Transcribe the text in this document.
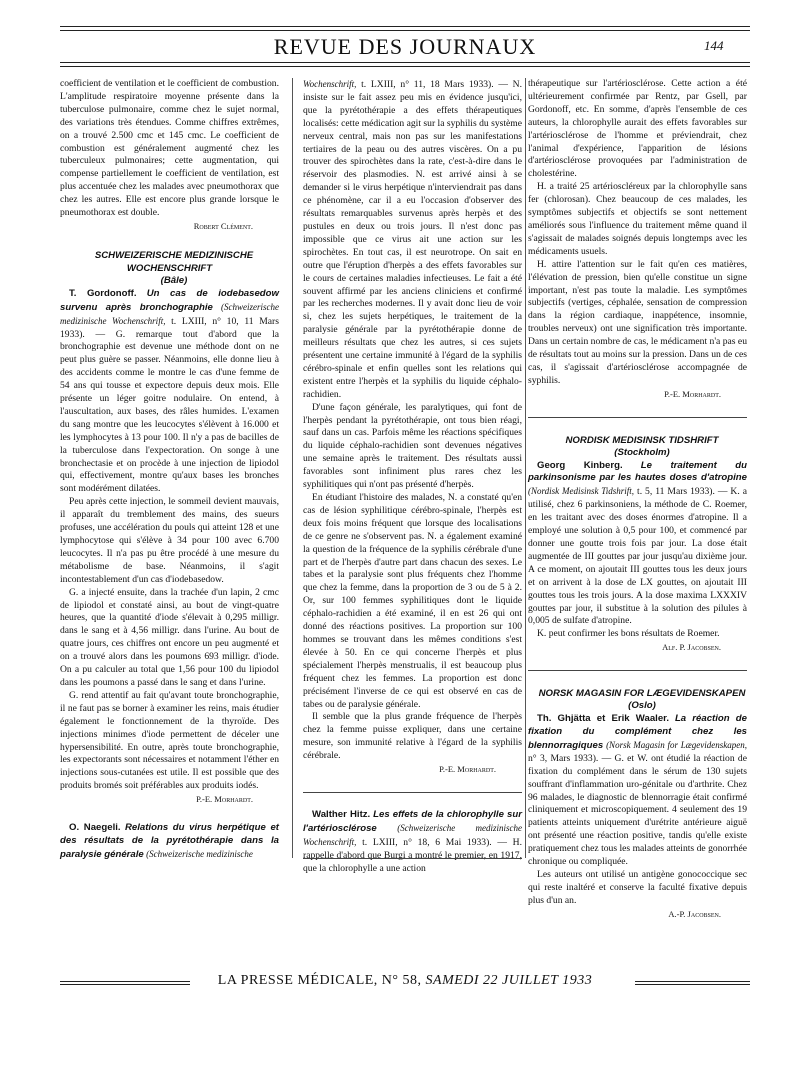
REVUE DES JOURNAUX	144

coefficient de ventilation et le coefficient de combustion. L'amplitude respiratoire moyenne présente dans la tuberculose pulmonaire, comme chez le sujet normal, des variations très étendues. Comme chiffres extrêmes, on a trouvé 2.500 cmc et 145 cmc. Le coefficient de combustion est généralement augmenté chez les tuberculeux pulmonaires; cette augmentation, qui compense partiellement le coefficient de ventilation, est plus accentuée chez les malades avec pneumothorax que chez les autres. Elle est encore plus grande lorsque le pneumothorax est double.

Robert Clément.

SCHWEIZERISCHE MEDIZINISCHE WOCHENSCHRIFT

(Bâle)

T. Gordonoff. Un cas de iodebasedow survenu après bronchographie (Schweizerische medizinische Wochenschrift, t. LXIII, n° 10, 11 Mars 1933). — G. remarque tout d'abord que la bronchographie est devenue une méthode dont on ne peut plus guère se passer. Néanmoins, elle donne lieu à des accidents comme le montre le cas d'une femme de 54 ans qui tousse et expectore depuis deux mois. Elle présente un léger goitre nodulaire. On entend, à l'auscultation, aux bases, des râles humides. L'examen du sang montre que les leucocytes s'élèvent à 16.000 et les lymphocytes à 13 pour 100. Il n'y a pas de bacilles de la tuberculose dans l'expectoration. On songe à une bronchectasie et on procède à une injection de lipiodol qui, effectivement, montre qu'aux bases les bronches sont modérément dilatées.

Peu après cette injection, le sommeil devient mauvais, il apparaît du tremblement des mains, des sueurs profuses, une accélération du pouls qui atteint 128 et une lymphocytose qui s'élève à 34 pour 100 avec 6.700 leucocytes. Il n'a pas pu être procédé à une mesure du métabolisme de base. Néanmoins, il s'agit incontestablement d'un cas d'iodebasedow.

G. a injecté ensuite, dans la trachée d'un lapin, 2 cmc de lipiodol et constaté ainsi, au bout de vingt-quatre heures, que la quantité d'iode s'élevait à 0,295 milligr. dans le sang et à 4,56 milligr. dans l'urine. Au bout de quatre jours, ces chiffres ont encore un peu augmenté et on a trouvé alors dans les poumons 693 milligr. d'iode. On a pu calculer au total que 1,56 pour 100 du lipiodol dans les poumons a passé dans le sang et dans l'urine.

G. rend attentif au fait qu'avant toute bronchographie, il ne faut pas se borner à examiner les reins, mais étudier également le fonctionnement de la thyroïde. Des injections minimes d'iode permettent de déceler une hypersensibilité. En outre, après toute bronchographie, les expectorants sont nécessaires et notamment l'éther en injections sous-cutanées est utile. Il est possible que des produits bromés soit préférables aux produits iodés.

P.-E. Morhardt.

O. Naegeli. Relations du virus herpétique et des résultats de la pyrétothérapie dans la paralysie générale (Schweizerische medizinische

Wochenschrift, t. LXIII, n° 11, 18 Mars 1933). — N. insiste sur le fait assez peu mis en évidence jusqu'ici, que la pyrétothérapie a des effets thérapeutiques localisés: cette médication agit sur la syphilis du système nerveux central, mais non pas sur les manifestations tertiaires de la peau ou des autres viscères. On a pu trouver des spirochètes dans la rate, c'est-à-dire dans le réservoir des plasmodies. N. est arrivé ainsi à se demander si le virus herpétique n'interviendrait pas dans ce phénomène, car il a eu l'occasion d'observer des résultats remarquables survenus après herpès et des pustules en deux ou trois jours. Il n'est donc pas impossible que ce virus ait une action sur les spirochètes. En tout cas, il est neurotrope. On sait en outre que l'éruption d'herpès a des effets favorables sur le cours de certaines maladies infectieuses. Le fait a été souvent affirmé par les anciens cliniciens et confirmé par les recherches modernes. Il y avait donc lieu de voir si, chez les sujets herpétiques, le traitement de la paralysie générale par la pyrétothérapie donne de meilleurs résultats que chez les autres, si ces sujets présentent une certaine immunité à l'égard de la syphilis cérébro-spinale et enfin quelles sont les relations qui existent entre l'herpès et la syphilis du liquide céphalo-rachidien.

D'une façon générale, les paralytiques, qui font de l'herpès pendant la pyrétothérapie, ont tous bien réagi, sauf dans un cas. Parfois même les réactions spécifiques du liquide céphalo-rachidien sont devenues négatives une semaine après le traitement. Des résultats aussi favorables sont infiniment plus rares chez les syphilitiques qui n'ont pas présenté d'herpès.

En étudiant l'histoire des malades, N. a constaté qu'en cas de lésion syphilitique cérébro-spinale, l'herpès est deux fois moins fréquent que lorsque des localisations de ce genre ne s'observent pas. N. a également examiné la question de la fréquence de la syphilis cérébrale d'une part et de l'herpès d'autre part dans chacun des sexes. Le tabes et la paralysie sont plus fréquents chez l'homme que chez la femme, dans la proportion de 3 ou de 5 à 2. Or, sur 100 femmes syphilitiques dont le liquide céphalo-rachidien a été examiné, il en est 26 qui ont donné des réactions positives. La proportion sur 100 hommes se trouvant dans les mêmes conditions s'est élevée à 50. En ce qui concerne l'herpès et plus spécialement l'herpès menstrualis, il est beaucoup plus fréquent chez les femmes. La proportion est donc précisément l'inverse de ce qui est observé en cas de tabes ou de paralysie générale.

Il semble que la plus grande fréquence de l'herpès chez la femme puisse expliquer, dans une certaine mesure, son immunité relative à l'égard de la syphilis cérébrale.

P.-E. Morhardt.

Walther Hitz. Les effets de la chlorophylle sur l'artériosclérose (Schweizerische medizinische Wochenschrift, t. LXIII, n° 18, 6 Mai 1933). — H. rappelle d'abord que Burgi a montré le premier, en 1917, que la chlorophylle a une action

thérapeutique sur l'artériosclérose. Cette action a été ultérieurement confirmée par Rentz, par Gsell, par Gordonoff, etc. En somme, d'après l'ensemble de ces auteurs, la chlorophylle aurait des effets favorables sur l'artériosclérose de l'homme et préviendrait, chez l'animal d'expérience, l'apparition de lésions d'artériosclérose provoquées par l'administration de cholestérine.

H. a traité 25 artérioscléreux par la chlorophylle sans fer (chlorosan). Chez beaucoup de ces malades, les symptômes subjectifs et objectifs se sont nettement améliorés sous l'influence du traitement même quand il s'agissait de malades soignés depuis longtemps avec les médicaments usuels.

H. attire l'attention sur le fait qu'en ces matières, l'élévation de pression, bien qu'elle constitue un signe important, n'est pas toute la maladie. Les symptômes subjectifs (vertiges, céphalée, sensation de compression dans la région cardiaque, inappétence, insomnie, troubles nerveux) ont une signification très importante. Dans un certain nombre de cas, le médicament n'a pas eu de résultats tout au moins sur la pression. Dans un de ces cas, il s'agissait d'artériosclérose accompagnée de syphilis.

P.-E. Morhardt.

NORDISK MEDISINSK TIDSHRIFT

(Stockholm)

Georg Kinberg. Le traitement du parkinsonisme par les hautes doses d'atropine (Nordisk Medisinsk Tidshrift, t. 5, 11 Mars 1933). — K. a utilisé, chez 6 parkinsoniens, la méthode de C. Roemer, en les traitant avec des doses énormes d'atropine. Il a employé une solution à 0,5 pour 100, et commencé par donner une goutte trois fois par jour. La dose était augmentée de III gouttes par jour jusqu'au dixième jour. A ce moment, on ajoutait III gouttes tous les deux jours et on arrivent à la dose de LX gouttes, on ajoutait III gouttes tous les trois jours. A la dose maxima LXXXIV gouttes par jour, il substitue à la solution des pilules à 0,005 de sulfate d'atropine.

K. peut confirmer les bons résultats de Roemer.

Alf. P. Jacobsen.

NORSK MAGASIN FOR LÆGEVIDENSKAPEN

(Oslo)

Th. Ghjätta et Erik Waaler. La réaction de fixation du complément chez les blennorragiques (Norsk Magasin for Lægevidenskapen, n° 3, Mars 1933). — G. et W. ont étudié la réaction de fixation du complément dans le sérum de 130 sujets souffrant d'inflammation uro-génitale ou d'arthrite. Chez 96 malades, le diagnostic de blennorragie était confirmé cliniquement et microscopiquement. 4 seulement des 19 patients atteints uniquement d'urétrite antérieure aiguë ont présenté une réaction positive, tandis qu'elle existe pratiquement chez tous les malades atteints de gonorrhée chronique ou compliquée.

Les auteurs ont utilisé un antigène gonococcique sec qui reste inaltéré et conserve la faculté fixative depuis plus d'un an.

A.-P. Jacobsen.

LA PRESSE MÉDICALE, N° 58, SAMEDI 22 JUILLET 1933
